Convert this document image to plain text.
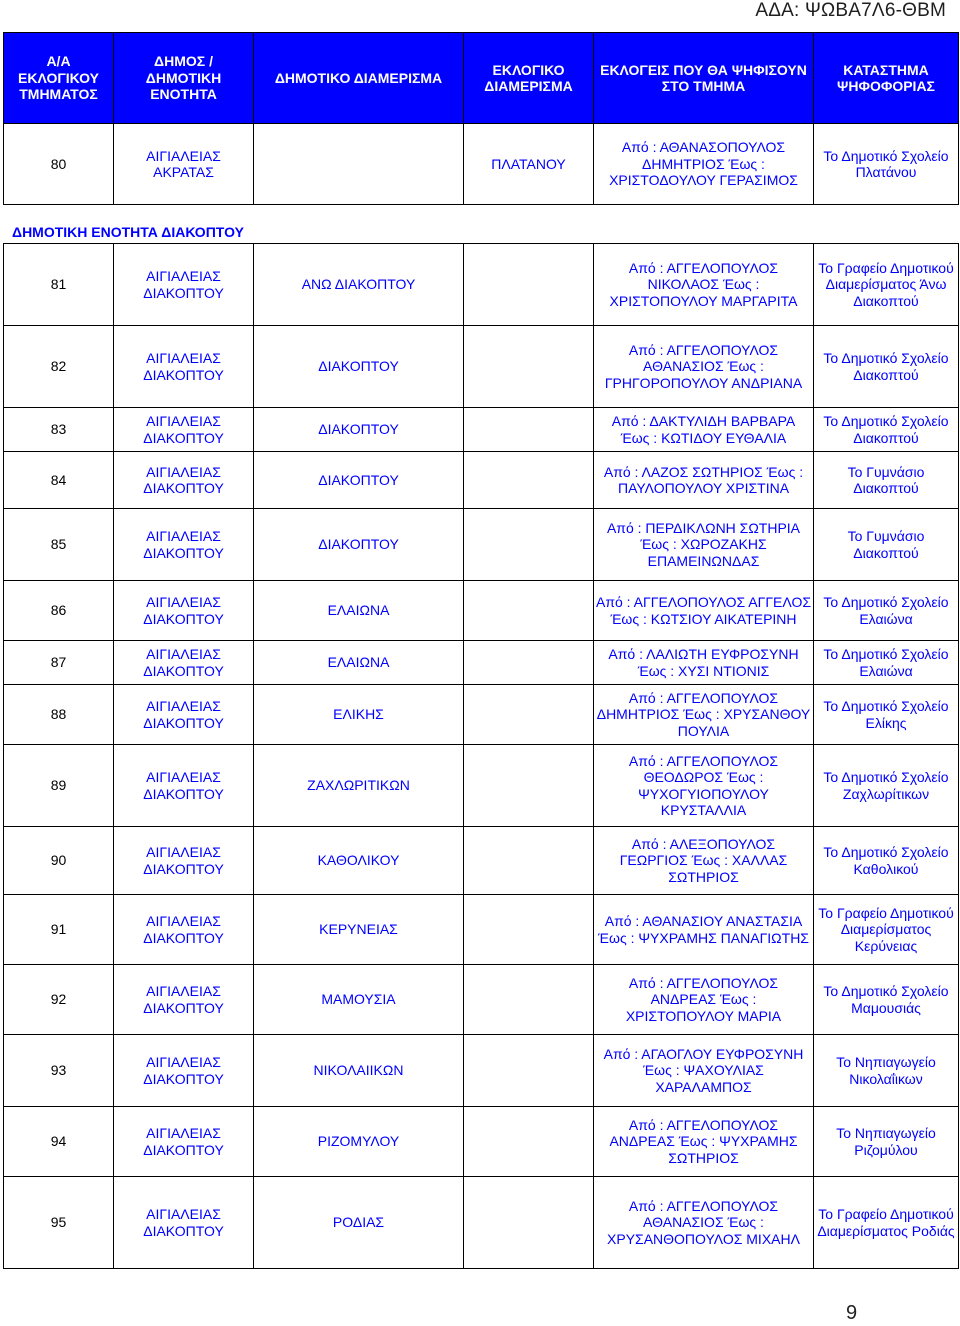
ΑΔΑ: ΨΩΒΑ7Λ6-ΘΒΜ
Α/Α ΕΚΛΟΓΙΚΟΥ ΤΜΗΜΑΤΟΣ	ΔΗΜΟΣ / ΔΗΜΟΤΙΚΗ ΕΝΟΤΗΤΑ	ΔΗΜΟΤΙΚΟ ΔΙΑΜΕΡΙΣΜΑ	ΕΚΛΟΓΙΚΟ ΔΙΑΜΕΡΙΣΜΑ	ΕΚΛΟΓΕΙΣ ΠΟΥ ΘΑ ΨΗΦΙΣΟΥΝ ΣΤΟ ΤΜΗΜΑ	ΚΑΤΑΣΤΗΜΑ ΨΗΦΟΦΟΡΙΑΣ
80	ΑΙΓΙΑΛΕΙΑΣ ΑΚΡΑΤΑΣ		ΠΛΑΤΑΝΟΥ	Από : ΑΘΑΝΑΣΟΠΟΥΛΟΣ ΔΗΜΗΤΡΙΟΣ Έως : ΧΡΙΣΤΟΔΟΥΛΟΥ ΓΕΡΑΣΙΜΟΣ	Το Δημοτικό Σχολείο Πλατάνου

ΔΗΜΟΤΙΚΗ ΕΝΟΤΗΤΑ ΔΙΑΚΟΠΤΟΥ

81	ΑΙΓΙΑΛΕΙΑΣ ΔΙΑΚΟΠΤΟΥ	ΑΝΩ ΔΙΑΚΟΠΤΟΥ		Από : ΑΓΓΕΛΟΠΟΥΛΟΣ ΝΙΚΟΛΑΟΣ Έως : ΧΡΙΣΤΟΠΟΥΛΟΥ ΜΑΡΓΑΡΙΤΑ	Το Γραφείο Δημοτικού Διαμερίσματος Άνω Διακοπτού
82	ΑΙΓΙΑΛΕΙΑΣ ΔΙΑΚΟΠΤΟΥ	ΔΙΑΚΟΠΤΟΥ		Από : ΑΓΓΕΛΟΠΟΥΛΟΣ ΑΘΑΝΑΣΙΟΣ Έως : ΓΡΗΓΟΡΟΠΟΥΛΟΥ ΑΝΔΡΙΑΝΑ	Το Δημοτικό Σχολείο Διακοπτού
83	ΑΙΓΙΑΛΕΙΑΣ ΔΙΑΚΟΠΤΟΥ	ΔΙΑΚΟΠΤΟΥ		Από : ΔΑΚΤΥΛΙΔΗ ΒΑΡΒΑΡΑ Έως : ΚΩΤΙΔΟΥ ΕΥΘΑΛΙΑ	Το Δημοτικό Σχολείο Διακοπτού
84	ΑΙΓΙΑΛΕΙΑΣ ΔΙΑΚΟΠΤΟΥ	ΔΙΑΚΟΠΤΟΥ		Από : ΛΑΖΟΣ ΣΩΤΗΡΙΟΣ Έως : ΠΑΥΛΟΠΟΥΛΟΥ ΧΡΙΣΤΙΝΑ	Το Γυμνάσιο Διακοπτού
85	ΑΙΓΙΑΛΕΙΑΣ ΔΙΑΚΟΠΤΟΥ	ΔΙΑΚΟΠΤΟΥ		Από : ΠΕΡΔΙΚΛΩΝΗ ΣΩΤΗΡΙΑ Έως : ΧΩΡΟΖΑΚΗΣ ΕΠΑΜΕΙΝΩΝΔΑΣ	Το Γυμνάσιο Διακοπτού
86	ΑΙΓΙΑΛΕΙΑΣ ΔΙΑΚΟΠΤΟΥ	ΕΛΑΙΩΝΑ		Από : ΑΓΓΕΛΟΠΟΥΛΟΣ ΑΓΓΕΛΟΣ Έως : ΚΩΤΣΙΟΥ ΑΙΚΑΤΕΡΙΝΗ	Το Δημοτικό Σχολείο Ελαιώνα
87	ΑΙΓΙΑΛΕΙΑΣ ΔΙΑΚΟΠΤΟΥ	ΕΛΑΙΩΝΑ		Από : ΛΑΛΙΩΤΗ ΕΥΦΡΟΣΥΝΗ Έως : ΧΥΣΙ ΝΤΙΟΝΙΣ	Το Δημοτικό Σχολείο Ελαιώνα
88	ΑΙΓΙΑΛΕΙΑΣ ΔΙΑΚΟΠΤΟΥ	ΕΛΙΚΗΣ		Από : ΑΓΓΕΛΟΠΟΥΛΟΣ ΔΗΜΗΤΡΙΟΣ Έως : ΧΡΥΣΑΝΘΟΥ ΠΟΥΛΙΑ	Το Δημοτικό Σχολείο Ελίκης
89	ΑΙΓΙΑΛΕΙΑΣ ΔΙΑΚΟΠΤΟΥ	ΖΑΧΛΩΡΙΤΙΚΩΝ		Από : ΑΓΓΕΛΟΠΟΥΛΟΣ ΘΕΟΔΩΡΟΣ Έως : ΨΥΧΟΓΥΙΟΠΟΥΛΟΥ ΚΡΥΣΤΑΛΛΙΑ	Το Δημοτικό Σχολείο Ζαχλωρίτικων
90	ΑΙΓΙΑΛΕΙΑΣ ΔΙΑΚΟΠΤΟΥ	ΚΑΘΟΛΙΚΟΥ		Από : ΑΛΕΞΟΠΟΥΛΟΣ ΓΕΩΡΓΙΟΣ Έως : ΧΑΛΛΑΣ ΣΩΤΗΡΙΟΣ	Το Δημοτικό Σχολείο Καθολικού
91	ΑΙΓΙΑΛΕΙΑΣ ΔΙΑΚΟΠΤΟΥ	ΚΕΡΥΝΕΙΑΣ		Από : ΑΘΑΝΑΣΙΟΥ ΑΝΑΣΤΑΣΙΑ Έως : ΨΥΧΡΑΜΗΣ ΠΑΝΑΓΙΩΤΗΣ	Το Γραφείο Δημοτικού Διαμερίσματος Κερύνειας
92	ΑΙΓΙΑΛΕΙΑΣ ΔΙΑΚΟΠΤΟΥ	ΜΑΜΟΥΣΙΑ		Από : ΑΓΓΕΛΟΠΟΥΛΟΣ ΑΝΔΡΕΑΣ Έως : ΧΡΙΣΤΟΠΟΥΛΟΥ ΜΑΡΙΑ	Το Δημοτικό Σχολείο Μαμουσιάς
93	ΑΙΓΙΑΛΕΙΑΣ ΔΙΑΚΟΠΤΟΥ	ΝΙΚΟΛΑΙΙΚΩΝ		Από : ΑΓΑΟΓΛΟΥ ΕΥΦΡΟΣΥΝΗ Έως : ΨΑΧΟΥΛΙΑΣ ΧΑΡΑΛΑΜΠΟΣ	Το Νηπιαγωγείο Νικολαΐικων
94	ΑΙΓΙΑΛΕΙΑΣ ΔΙΑΚΟΠΤΟΥ	ΡΙΖΟΜΥΛΟΥ		Από : ΑΓΓΕΛΟΠΟΥΛΟΣ ΑΝΔΡΕΑΣ Έως : ΨΥΧΡΑΜΗΣ ΣΩΤΗΡΙΟΣ	Το Νηπιαγωγείο Ριζομύλου
95	ΑΙΓΙΑΛΕΙΑΣ ΔΙΑΚΟΠΤΟΥ	ΡΟΔΙΑΣ		Από : ΑΓΓΕΛΟΠΟΥΛΟΣ ΑΘΑΝΑΣΙΟΣ Έως : ΧΡΥΣΑΝΘΟΠΟΥΛΟΣ ΜΙΧΑΗΛ	Το Γραφείο Δημοτικού Διαμερίσματος Ροδιάς
9
